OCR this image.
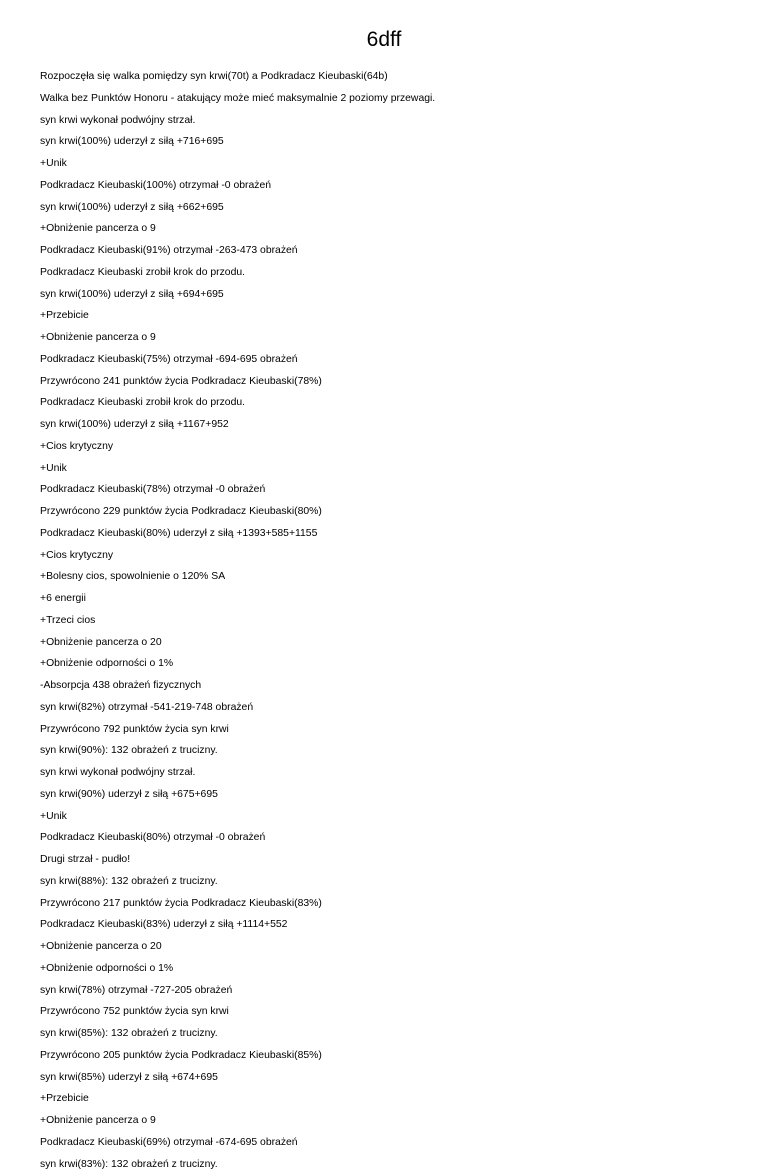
6dff
Rozpoczęła się walka pomiędzy syn krwi(70t) a Podkradacz Kieubaski(64b)
Walka bez Punktów Honoru - atakujący może mieć maksymalnie 2 poziomy przewagi.
syn krwi wykonał podwójny strzał.
syn krwi(100%) uderzył z siłą +716+695
+Unik
Podkradacz Kieubaski(100%) otrzymał -0 obrażeń
syn krwi(100%) uderzył z siłą +662+695
+Obniżenie pancerza o 9
Podkradacz Kieubaski(91%) otrzymał -263-473 obrażeń
Podkradacz Kieubaski zrobił krok do przodu.
syn krwi(100%) uderzył z siłą +694+695
+Przebicie
+Obniżenie pancerza o 9
Podkradacz Kieubaski(75%) otrzymał -694-695 obrażeń
Przywrócono 241 punktów życia Podkradacz Kieubaski(78%)
Podkradacz Kieubaski zrobił krok do przodu.
syn krwi(100%) uderzył z siłą +1167+952
+Cios krytyczny
+Unik
Podkradacz Kieubaski(78%) otrzymał -0 obrażeń
Przywrócono 229 punktów życia Podkradacz Kieubaski(80%)
Podkradacz Kieubaski(80%) uderzył z siłą +1393+585+1155
+Cios krytyczny
+Bolesny cios, spowolnienie o 120% SA
+6 energii
+Trzeci cios
+Obniżenie pancerza o 20
+Obniżenie odporności o 1%
-Absorpcja 438 obrażeń fizycznych
syn krwi(82%) otrzymał -541-219-748 obrażeń
Przywrócono 792 punktów życia syn krwi
syn krwi(90%): 132 obrażeń z trucizny.
syn krwi wykonał podwójny strzał.
syn krwi(90%) uderzył z siłą +675+695
+Unik
Podkradacz Kieubaski(80%) otrzymał -0 obrażeń
Drugi strzał - pudło!
syn krwi(88%): 132 obrażeń z trucizny.
Przywrócono 217 punktów życia Podkradacz Kieubaski(83%)
Podkradacz Kieubaski(83%) uderzył z siłą +1114+552
+Obniżenie pancerza o 20
+Obniżenie odporności o 1%
syn krwi(78%) otrzymał -727-205 obrażeń
Przywrócono 752 punktów życia syn krwi
syn krwi(85%): 132 obrażeń z trucizny.
Przywrócono 205 punktów życia Podkradacz Kieubaski(85%)
syn krwi(85%) uderzył z siłą +674+695
+Przebicie
+Obniżenie pancerza o 9
Podkradacz Kieubaski(69%) otrzymał -674-695 obrażeń
syn krwi(83%): 132 obrażeń z trucizny.
